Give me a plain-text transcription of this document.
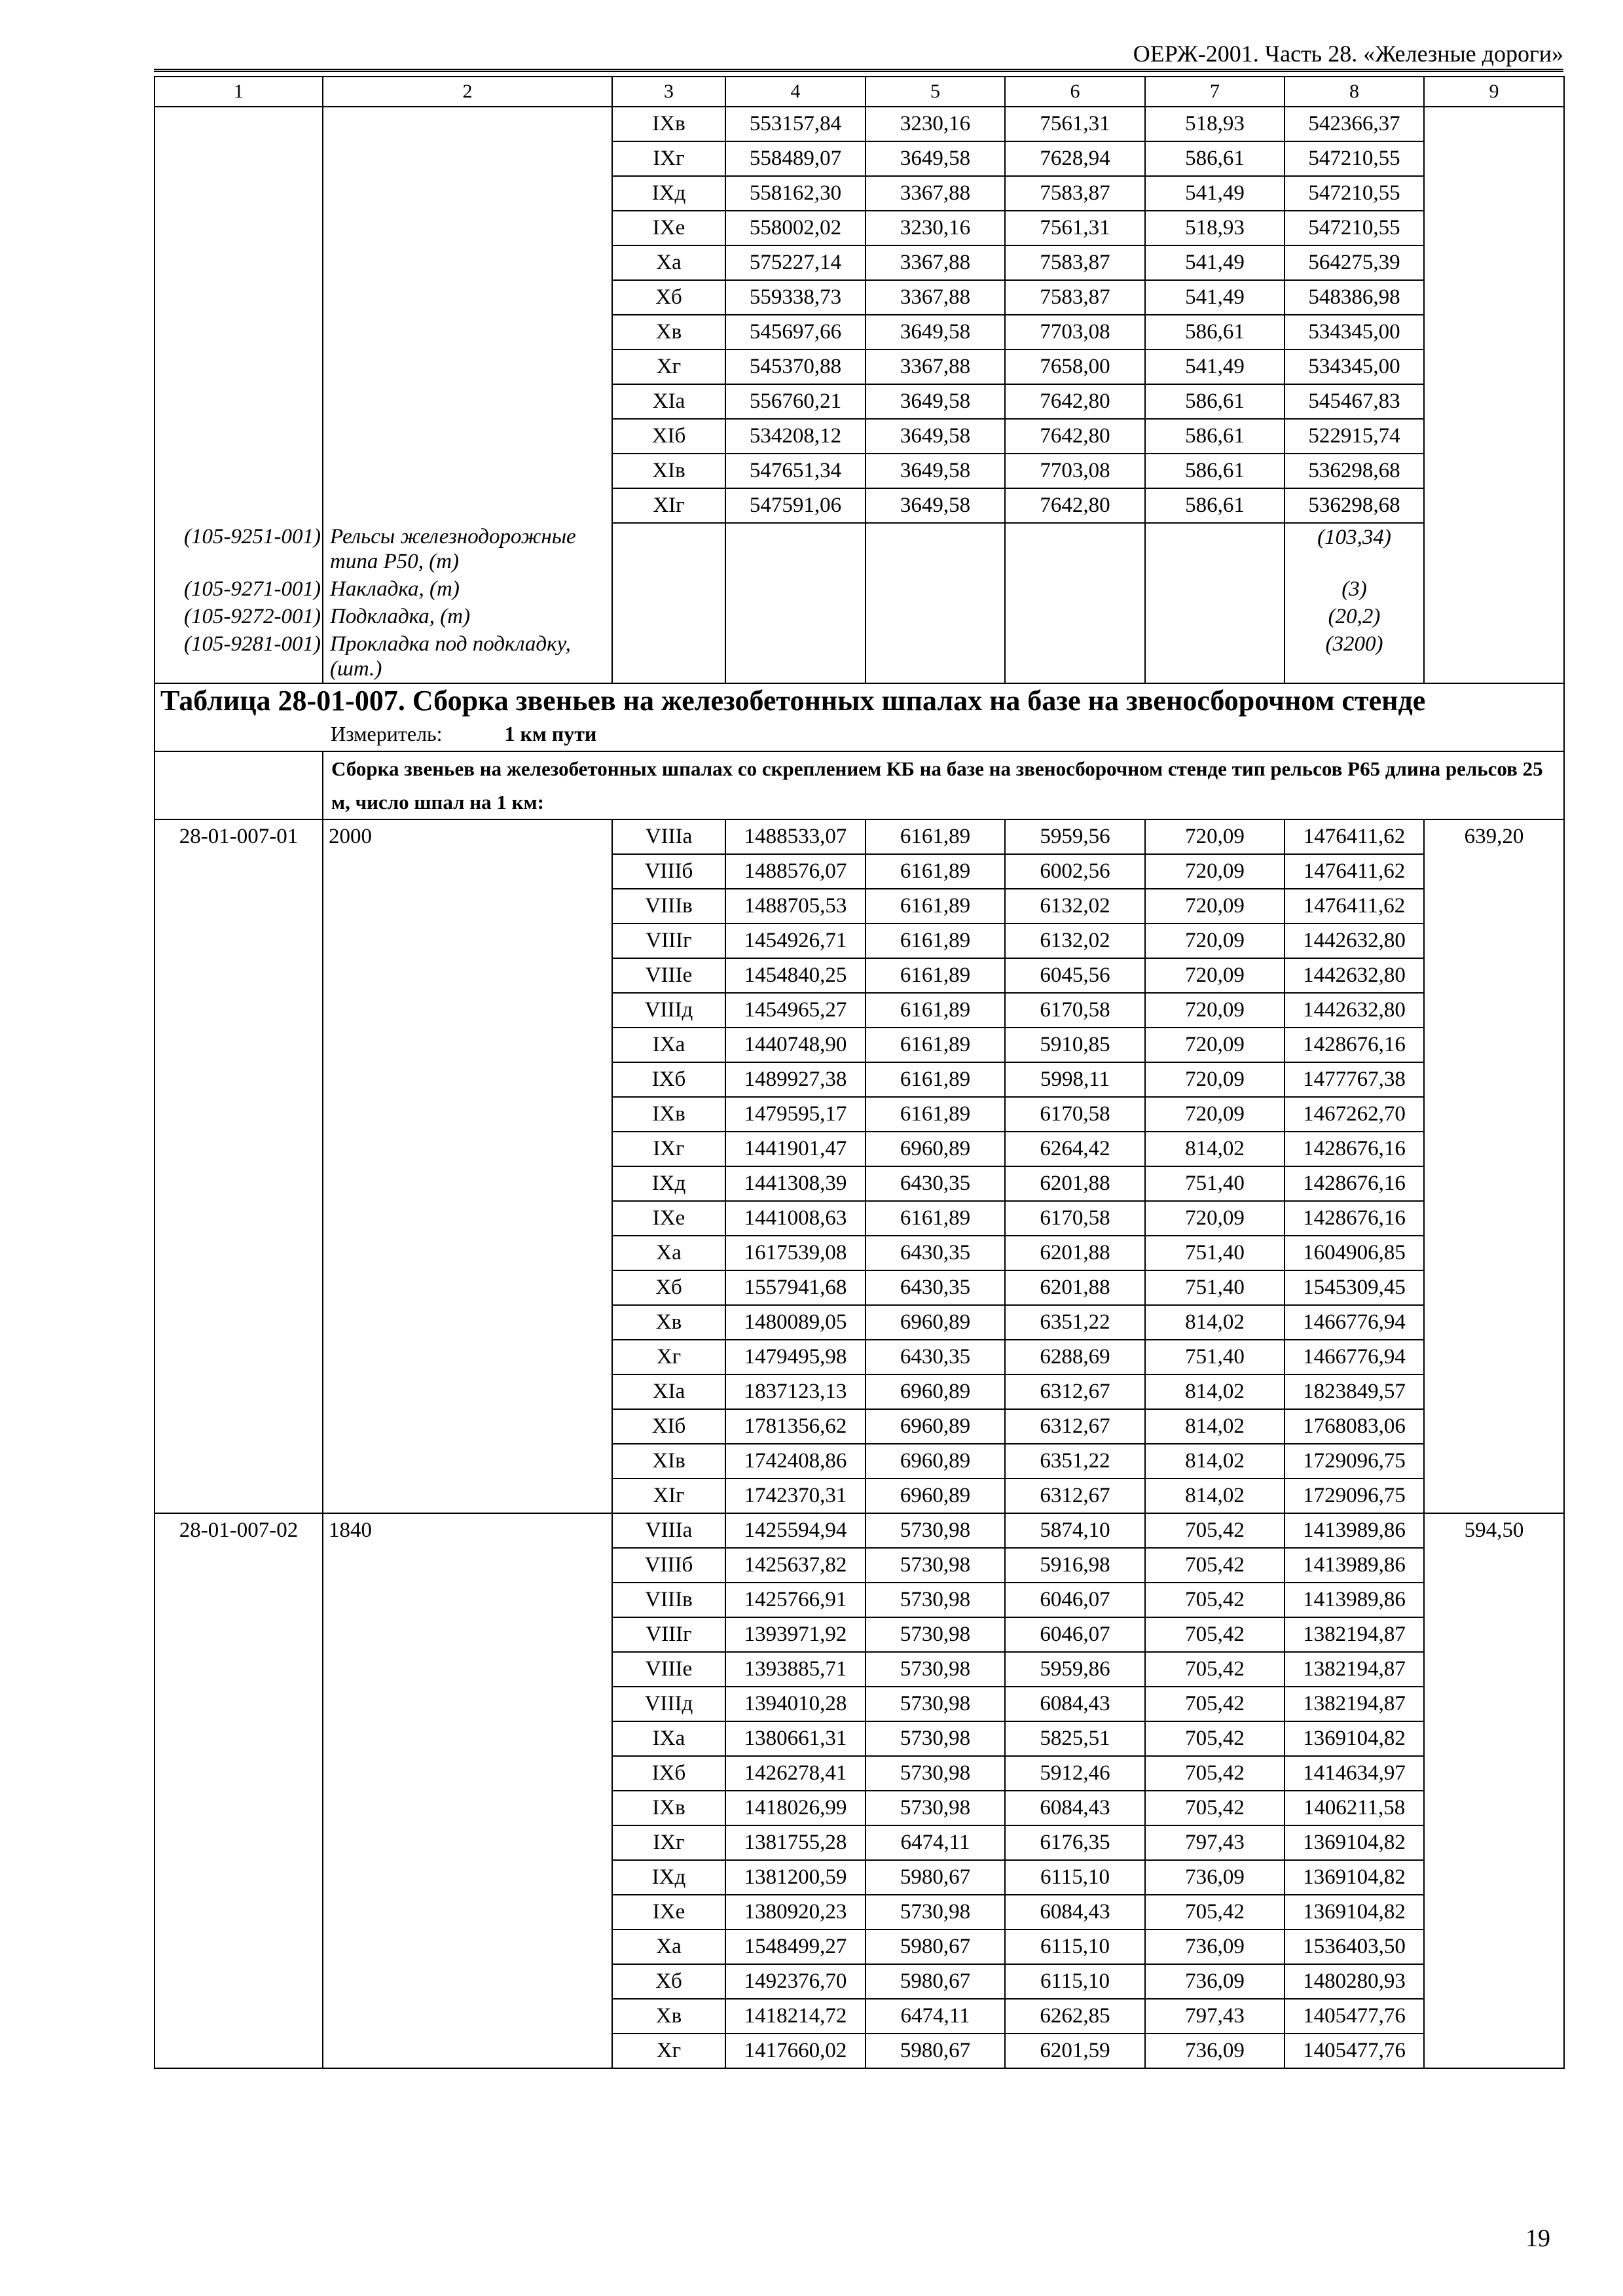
ОЕРЖ-2001. Часть 28. «Железные дороги»
1	2	3	4	5	6	7	8	9
		IXв	553157,84	3230,16	7561,31	518,93	542366,37	
		IXг	558489,07	3649,58	7628,94	586,61	547210,55	
		IXд	558162,30	3367,88	7583,87	541,49	547210,55	
		IXе	558002,02	3230,16	7561,31	518,93	547210,55	
		Xа	575227,14	3367,88	7583,87	541,49	564275,39	
		Xб	559338,73	3367,88	7583,87	541,49	548386,98	
		Xв	545697,66	3649,58	7703,08	586,61	534345,00	
		Xг	545370,88	3367,88	7658,00	541,49	534345,00	
		XIа	556760,21	3649,58	7642,80	586,61	545467,83	
		XIб	534208,12	3649,58	7642,80	586,61	522915,74	
		XIв	547651,34	3649,58	7703,08	586,61	536298,68	
		XIг	547591,06	3649,58	7642,80	586,61	536298,68	
(105-9251-001)	Рельсы железнодорожные типа Р50, (т)						(103,34)	
(105-9271-001)	Накладка, (т)						(3)	
(105-9272-001)	Подкладка, (т)						(20,2)	
(105-9281-001)	Прокладка под подкладку, (шт.)						(3200)	
Таблица 28-01-007. Сборка звеньев на железобетонных шпалах на базе на звеносборочном стенде								
	Измеритель: 1 км пути							
	Сборка звеньев на железобетонных шпалах со скреплением КБ на базе на звеносборочном стенде тип рельсов Р65 длина рельсов 25 м, число шпал на 1 км:							
28-01-007-01	2000	VIIIа	1488533,07	6161,89	5959,56	720,09	1476411,62	639,20
		VIIIб	1488576,07	6161,89	6002,56	720,09	1476411,62	
		VIIIв	1488705,53	6161,89	6132,02	720,09	1476411,62	
		VIIIг	1454926,71	6161,89	6132,02	720,09	1442632,80	
		VIIIе	1454840,25	6161,89	6045,56	720,09	1442632,80	
		VIIIд	1454965,27	6161,89	6170,58	720,09	1442632,80	
		IXа	1440748,90	6161,89	5910,85	720,09	1428676,16	
		IXб	1489927,38	6161,89	5998,11	720,09	1477767,38	
		IXв	1479595,17	6161,89	6170,58	720,09	1467262,70	
		IXг	1441901,47	6960,89	6264,42	814,02	1428676,16	
		IXд	1441308,39	6430,35	6201,88	751,40	1428676,16	
		IXе	1441008,63	6161,89	6170,58	720,09	1428676,16	
		Xа	1617539,08	6430,35	6201,88	751,40	1604906,85	
		Xб	1557941,68	6430,35	6201,88	751,40	1545309,45	
		Xв	1480089,05	6960,89	6351,22	814,02	1466776,94	
		Xг	1479495,98	6430,35	6288,69	751,40	1466776,94	
		XIа	1837123,13	6960,89	6312,67	814,02	1823849,57	
		XIб	1781356,62	6960,89	6312,67	814,02	1768083,06	
		XIв	1742408,86	6960,89	6351,22	814,02	1729096,75	
		XIг	1742370,31	6960,89	6312,67	814,02	1729096,75	
28-01-007-02	1840	VIIIа	1425594,94	5730,98	5874,10	705,42	1413989,86	594,50
		VIIIб	1425637,82	5730,98	5916,98	705,42	1413989,86	
		VIIIв	1425766,91	5730,98	6046,07	705,42	1413989,86	
		VIIIг	1393971,92	5730,98	6046,07	705,42	1382194,87	
		VIIIе	1393885,71	5730,98	5959,86	705,42	1382194,87	
		VIIIд	1394010,28	5730,98	6084,43	705,42	1382194,87	
		IXа	1380661,31	5730,98	5825,51	705,42	1369104,82	
		IXб	1426278,41	5730,98	5912,46	705,42	1414634,97	
		IXв	1418026,99	5730,98	6084,43	705,42	1406211,58	
		IXг	1381755,28	6474,11	6176,35	797,43	1369104,82	
		IXд	1381200,59	5980,67	6115,10	736,09	1369104,82	
		IXе	1380920,23	5730,98	6084,43	705,42	1369104,82	
		Xа	1548499,27	5980,67	6115,10	736,09	1536403,50	
		Xб	1492376,70	5980,67	6115,10	736,09	1480280,93	
		Xв	1418214,72	6474,11	6262,85	797,43	1405477,76	
		Xг	1417660,02	5980,67	6201,59	736,09	1405477,76	
19
